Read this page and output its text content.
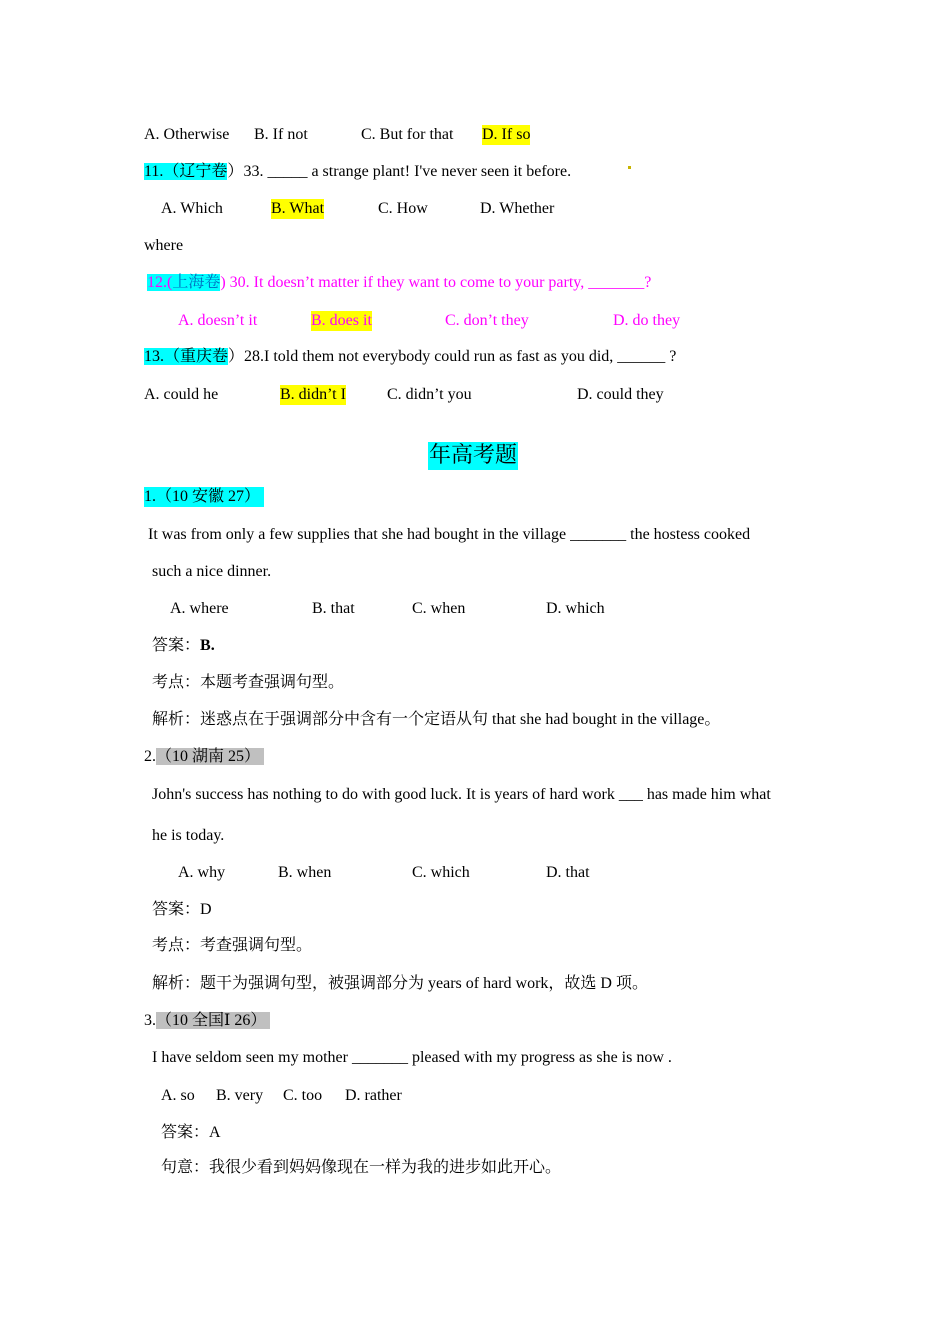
A. Otherwise B. If not	C. But for that D. If so
11.（辽宁卷）33. _____ a strange plant! I've never seen it before.
A. Which	B. What	C. How	D. Whether
where
12.(上海卷) 30. It doesn’t matter if they want to come to your party, _______?
A. doesn’t it	B. does it	C. don’t they	D. do they
13.（重庆卷）28.I told them not everybody could run as fast as you did, ______ ?
A. could he	B. didn’t I	C. didn’t you	D. could they
年高考题
1.（10 安徽 27）
It was from only a few supplies that she had bought in the village _______ the hostess cooked
such a nice dinner.
A. where	B. that	C. when	D. which
答案：B.
考点：本题考查强调句型。
解析：迷惑点在于强调部分中含有一个定语从句 that she had bought in the village。
2.（10 湖南 25）
John's success has nothing to do with good luck. It is years of hard work ___ has made him what
he is today.
A. why	B. when	C. which	D. that
答案：D
考点：考查强调句型。
解析：题干为强调句型，被强调部分为 years of hard work，故选 D 项。
3.（10 全国Ⅰ 26）
I have seldom seen my mother _______ pleased with my progress as she is now .
A. so B. very C. too D. rather
答案：A
句意：我很少看到妈妈像现在一样为我的进步如此开心。
